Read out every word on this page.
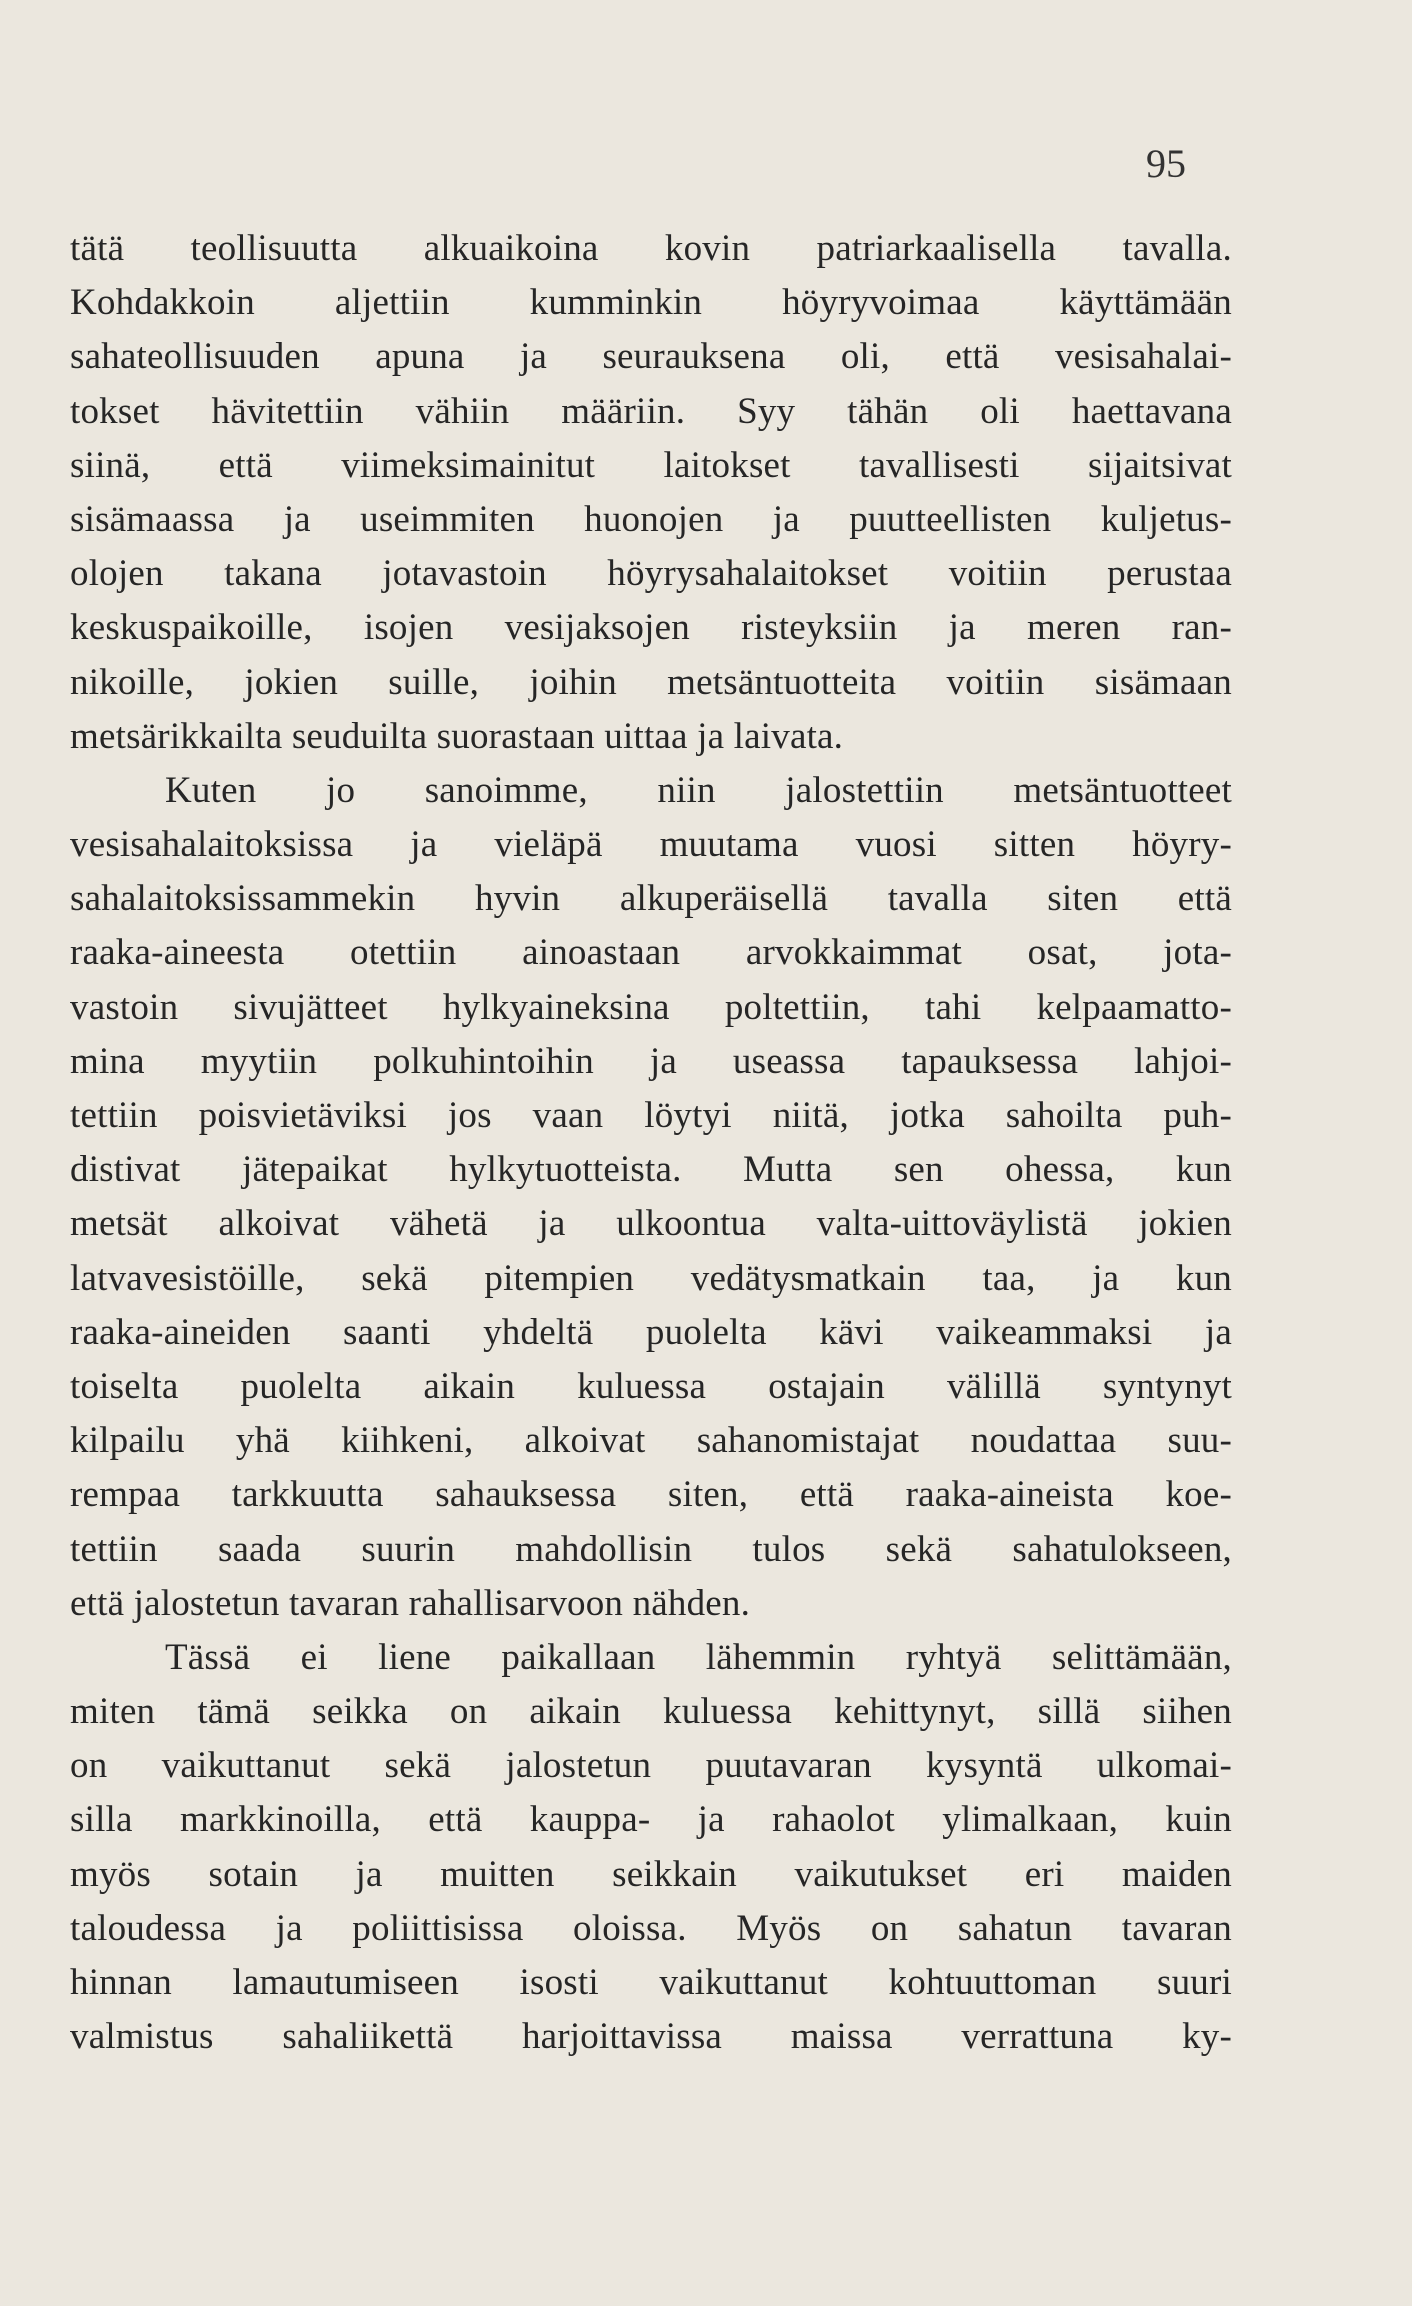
95
tätä teollisuutta alkuaikoina kovin patriarkaalisella tavalla.
Kohdakkoin aljettiin kumminkin höyryvoimaa käyttämään
sahateollisuuden apuna ja seurauksena oli, että vesisahalai-
tokset hävitettiin vähiin määriin. Syy tähän oli haettavana
siinä, että viimeksimainitut laitokset tavallisesti sijaitsivat
sisämaassa ja useimmiten huonojen ja puutteellisten kuljetus-
olojen takana jotavastoin höyrysahalaitokset voitiin perustaa
keskuspaikoille, isojen vesijaksojen risteyksiin ja meren ran-
nikoille, jokien suille, joihin metsäntuotteita voitiin sisämaan
metsärikkailta seuduilta suorastaan uittaa ja laivata.
Kuten jo sanoimme, niin jalostettiin metsäntuotteet
vesisahalaitoksissa ja vieläpä muutama vuosi sitten höyry-
sahalaitoksissammekin hyvin alkuperäisellä tavalla siten että
raaka-aineesta otettiin ainoastaan arvokkaimmat osat, jota-
vastoin sivujätteet hylkyaineksina poltettiin, tahi kelpaamatto-
mina myytiin polkuhintoihin ja useassa tapauksessa lahjoi-
tettiin poisvietäviksi jos vaan löytyi niitä, jotka sahoilta puh-
distivat jätepaikat hylkytuotteista. Mutta sen ohessa, kun
metsät alkoivat vähetä ja ulkoontua valta-uittoväylistä jokien
latvavesistöille, sekä pitempien vedätysmatkain taa, ja kun
raaka-aineiden saanti yhdeltä puolelta kävi vaikeammaksi ja
toiselta puolelta aikain kuluessa ostajain välillä syntynyt
kilpailu yhä kiihkeni, alkoivat sahanomistajat noudattaa suu-
rempaa tarkkuutta sahauksessa siten, että raaka-aineista koe-
tettiin saada suurin mahdollisin tulos sekä sahatulokseen,
että jalostetun tavaran rahallisarvoon nähden.
Tässä ei liene paikallaan lähemmin ryhtyä selittämään,
miten tämä seikka on aikain kuluessa kehittynyt, sillä siihen
on vaikuttanut sekä jalostetun puutavaran kysyntä ulkomai-
silla markkinoilla, että kauppa- ja rahaolot ylimalkaan, kuin
myös sotain ja muitten seikkain vaikutukset eri maiden
taloudessa ja poliittisissa oloissa. Myös on sahatun tavaran
hinnan lamautumiseen isosti vaikuttanut kohtuuttoman suuri
valmistus sahaliikettä harjoittavissa maissa verrattuna ky-
